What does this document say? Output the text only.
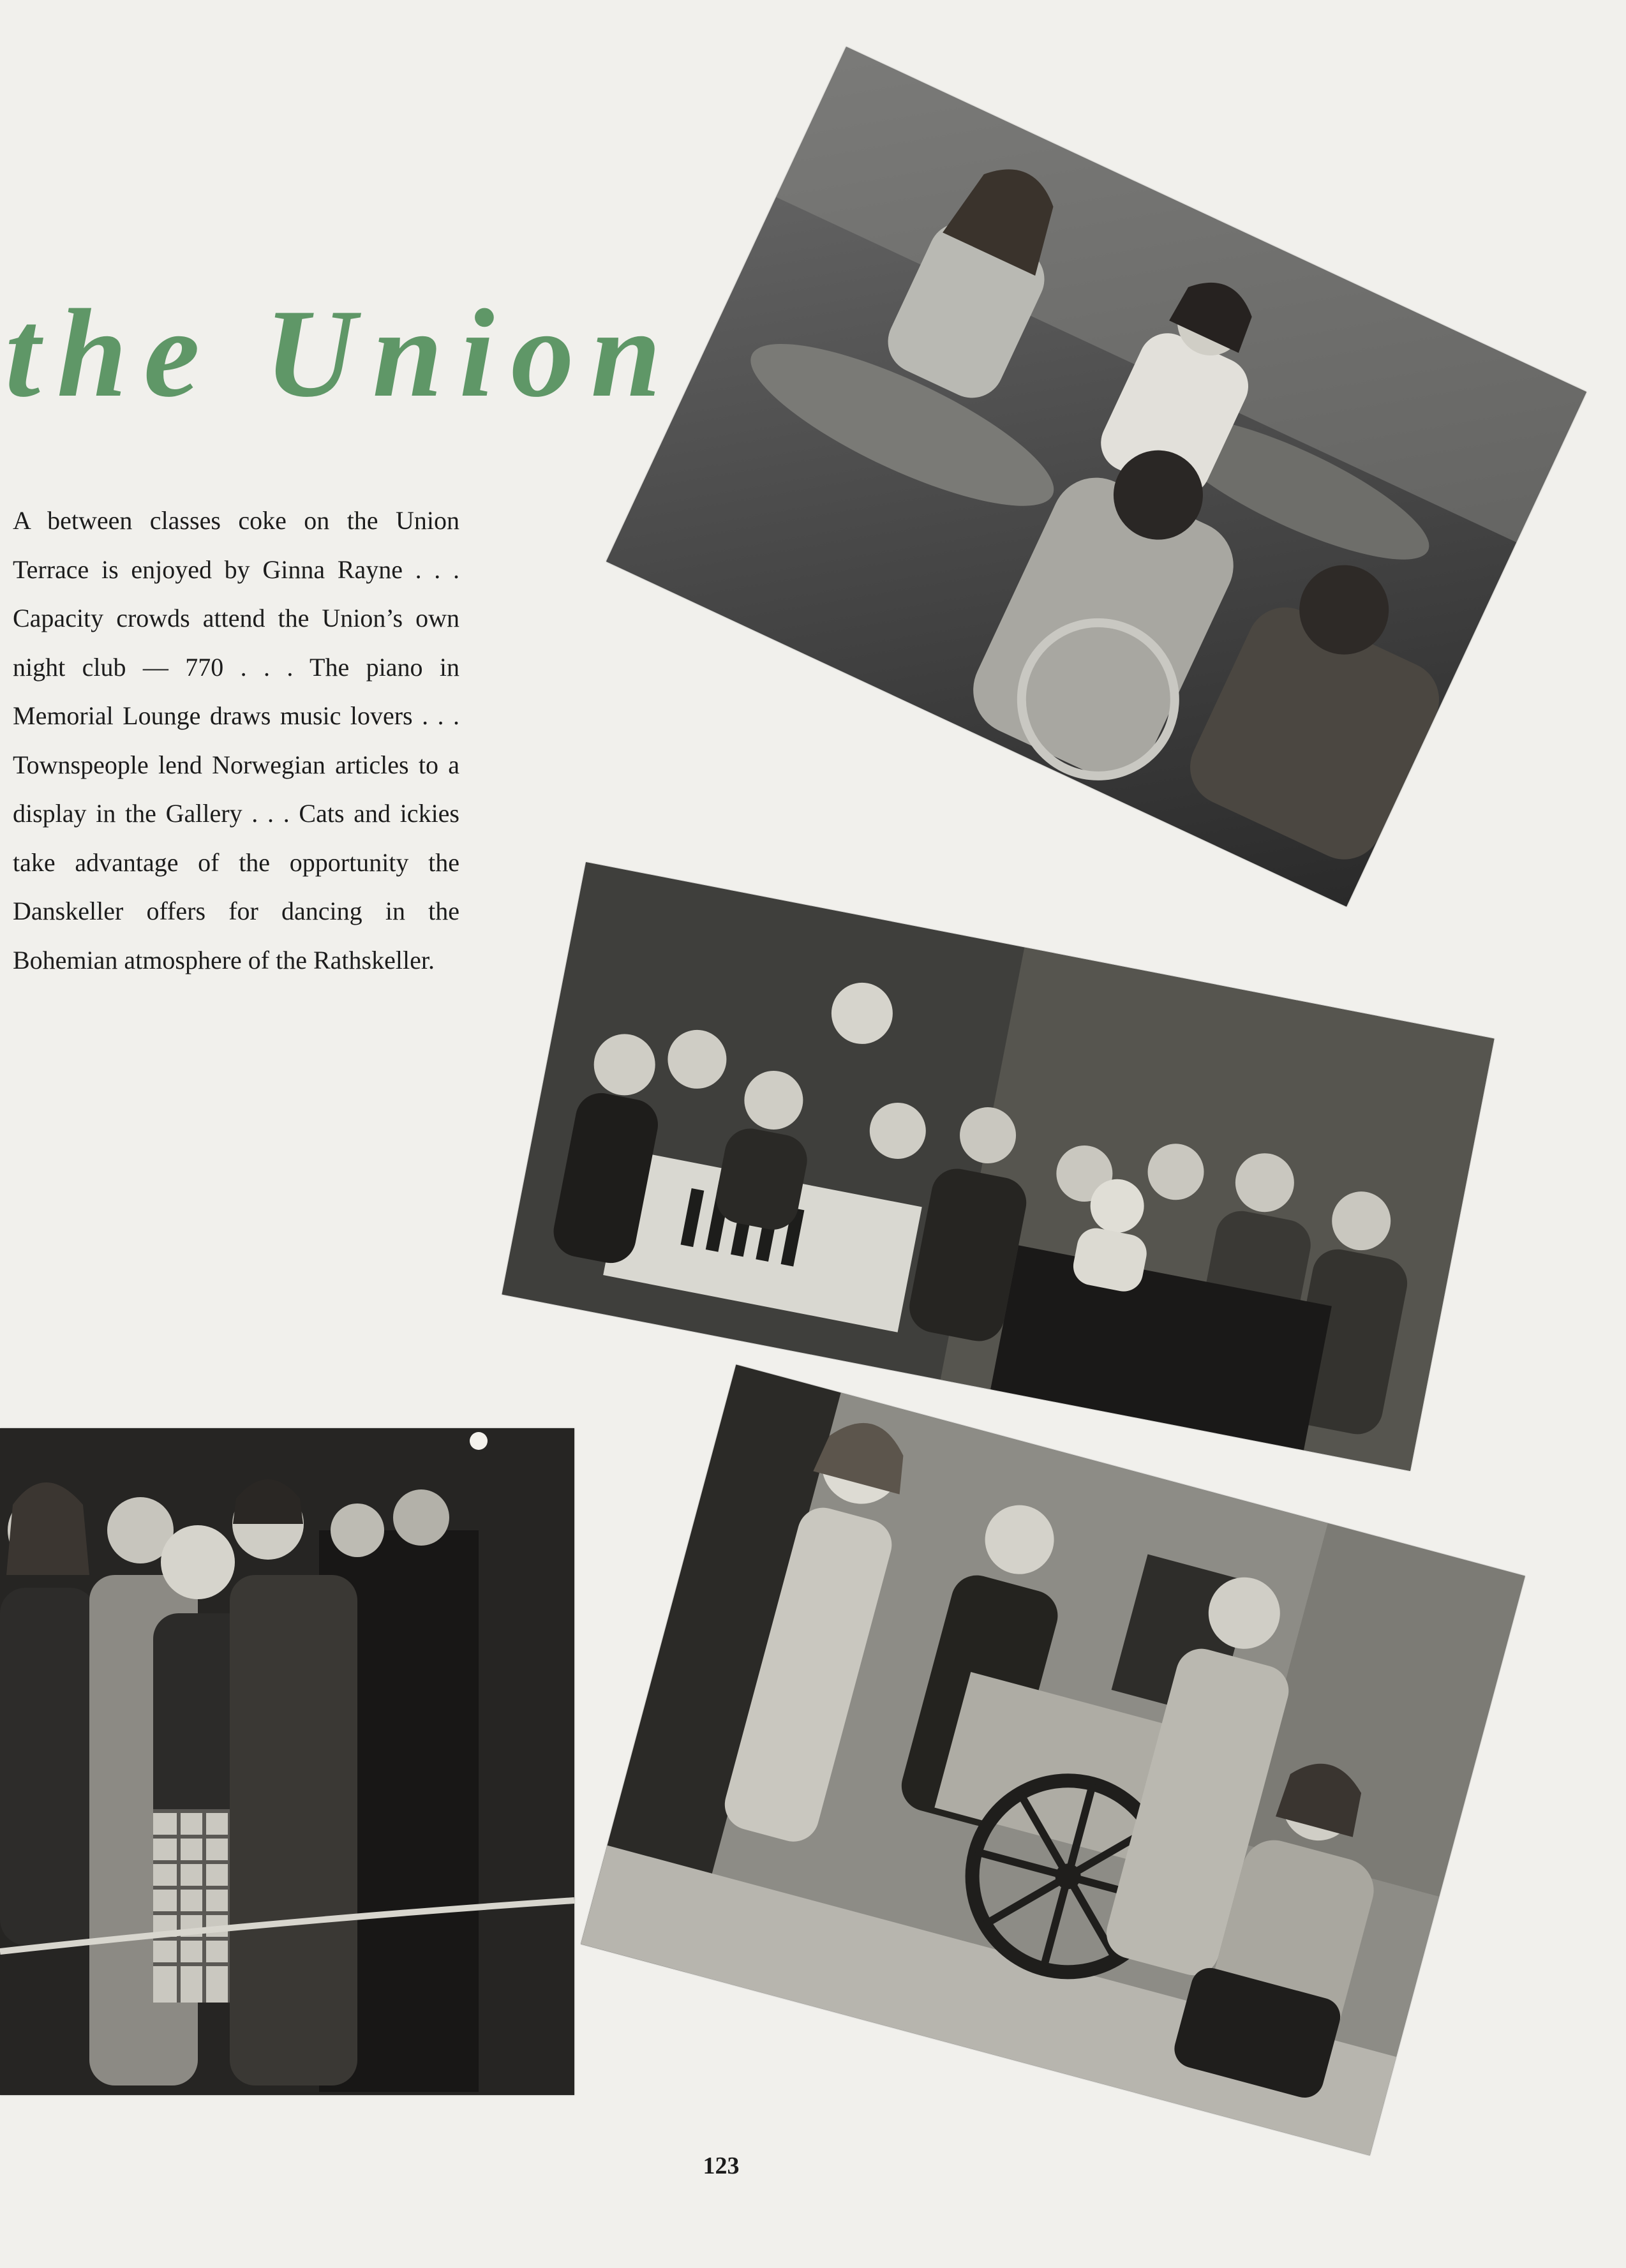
the Union
A between classes coke on the Union Terrace is enjoyed by Ginna Rayne . . . Capacity crowds attend the Union’s own night club — 770 . . . The piano in Memorial Lounge draws music lovers . . . Townspeople lend Norwegian articles to a display in the Gallery . . . Cats and ickies take advantage of the opportunity the Danskeller offers for dancing in the Bohemian atmosphere of the Rathskeller.
123
